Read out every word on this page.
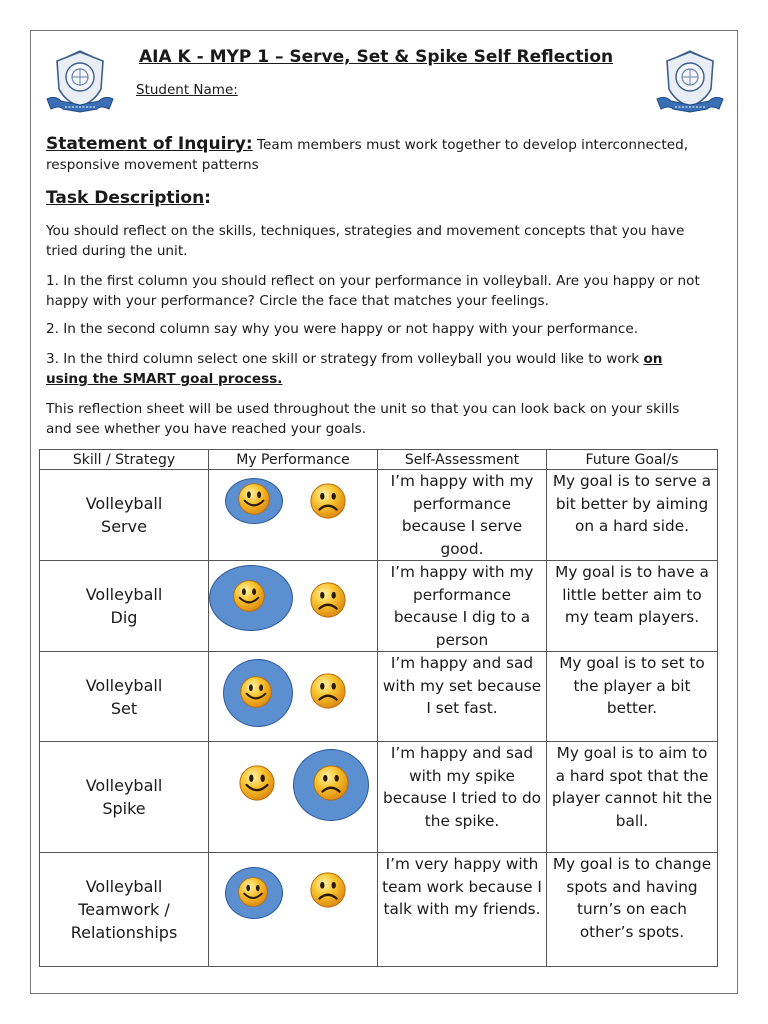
AIA K - MYP 1 – Serve, Set & Spike Self Reflection
Student Name:

Statement of Inquiry: Team members must work together to develop interconnected, responsive movement patterns

Task Description:

You should reflect on the skills, techniques, strategies and movement concepts that you have tried during the unit.

1. In the first column you should reflect on your performance in volleyball. Are you happy or not happy with your performance? Circle the face that matches your feelings.

2. In the second column say why you were happy or not happy with your performance.

3. In the third column select one skill or strategy from volleyball you would like to work on using the SMART goal process.

This reflection sheet will be used throughout the unit so that you can look back on your skills and see whether you have reached your goals.

Skill / Strategy	My Performance	Self-Assessment	Future Goal/s

Volleyball
Serve		I’m happy with my performance because I serve good.	My goal is to serve a bit better by aiming on a hard side.

Volleyball
Dig		I’m happy with my performance because I dig to a person	My goal is to have a little better aim to my team players.

Volleyball
Set		I’m happy and sad with my set because I set fast.	My goal is to set to the player a bit better.

Volleyball
Spike		I’m happy and sad with my spike because I tried to do the spike.	My goal is to aim to a hard spot that the player cannot hit the ball.

Volleyball
Teamwork /
Relationships		I’m very happy with team work because I talk with my friends.	My goal is to change spots and having turn’s on each other’s spots.
